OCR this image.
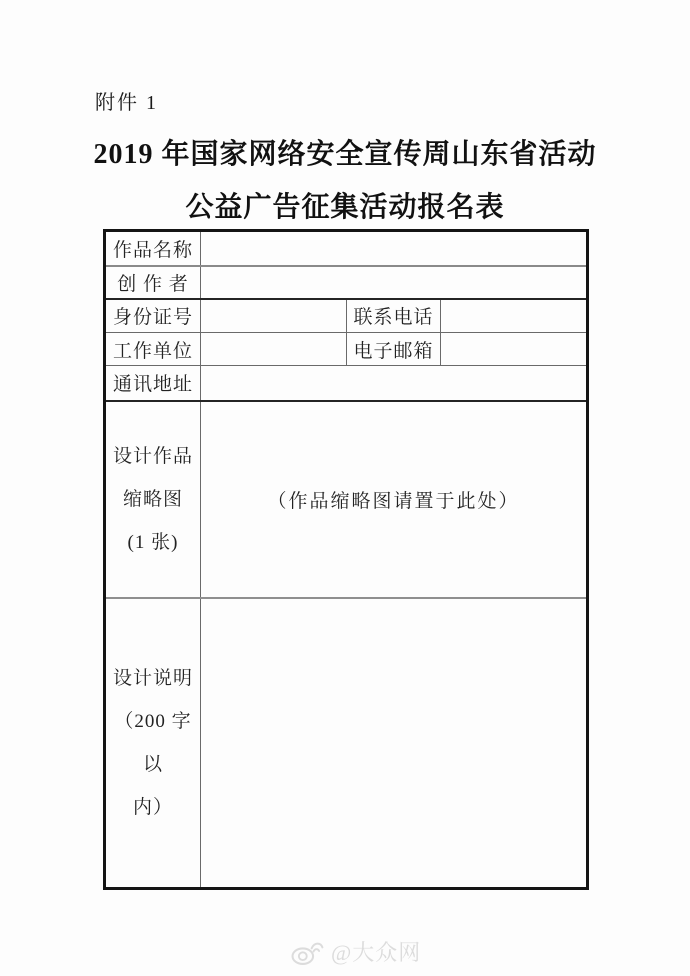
附件 1
2019 年国家网络安全宣传周山东省活动
公益广告征集活动报名表
作品名称			
创 作 者			
身份证号		联系电话	
工作单位		电子邮箱	
通讯地址			

设计作品
缩略图
(1 张)	（作品缩略图请置于此处）		

设计说明
（200 字以
内）			

@大众网
